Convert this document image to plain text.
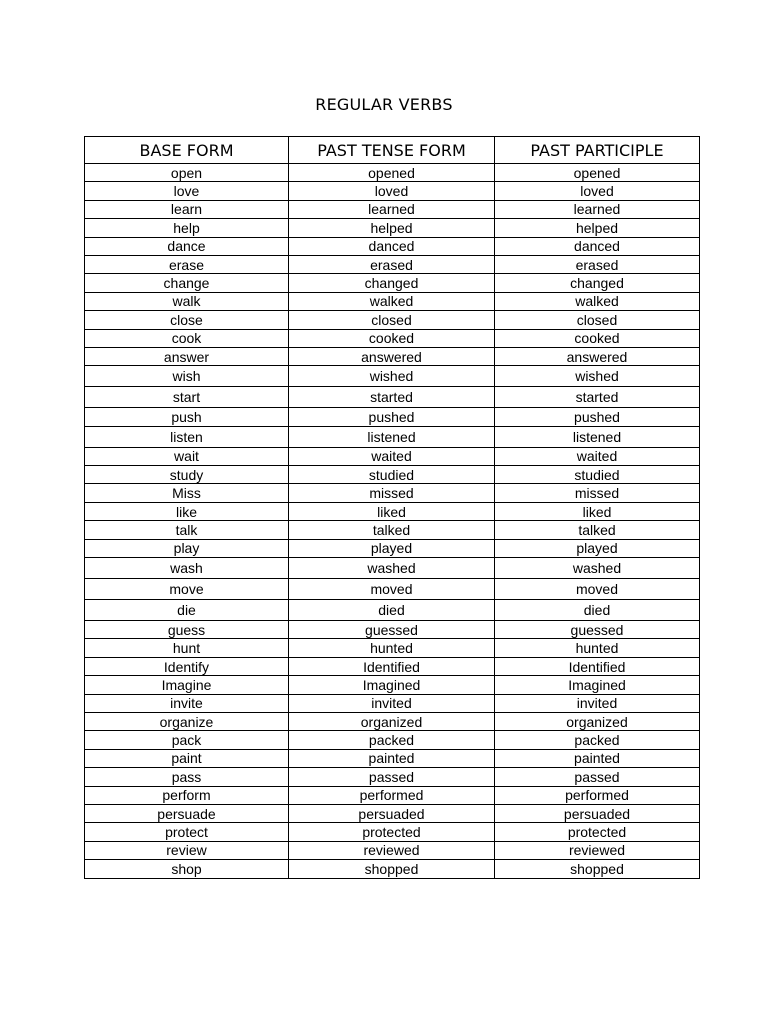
REGULAR VERBS
BASE FORM	PAST TENSE FORM	PAST PARTICIPLE
open	opened	opened
love	loved	loved
learn	learned	learned
help	helped	helped
dance	danced	danced
erase	erased	erased
change	changed	changed
walk	walked	walked
close	closed	closed
cook	cooked	cooked
answer	answered	answered
wish	wished	wished
start	started	started
push	pushed	pushed
listen	listened	listened
wait	waited	waited
study	studied	studied
Miss	missed	missed
like	liked	liked
talk	talked	talked
play	played	played
wash	washed	washed
move	moved	moved
die	died	died
guess	guessed	guessed
hunt	hunted	hunted
Identify	Identified	Identified
Imagine	Imagined	Imagined
invite	invited	invited
organize	organized	organized
pack	packed	packed
paint	painted	painted
pass	passed	passed
perform	performed	performed
persuade	persuaded	persuaded
protect	protected	protected
review	reviewed	reviewed
shop	shopped	shopped
